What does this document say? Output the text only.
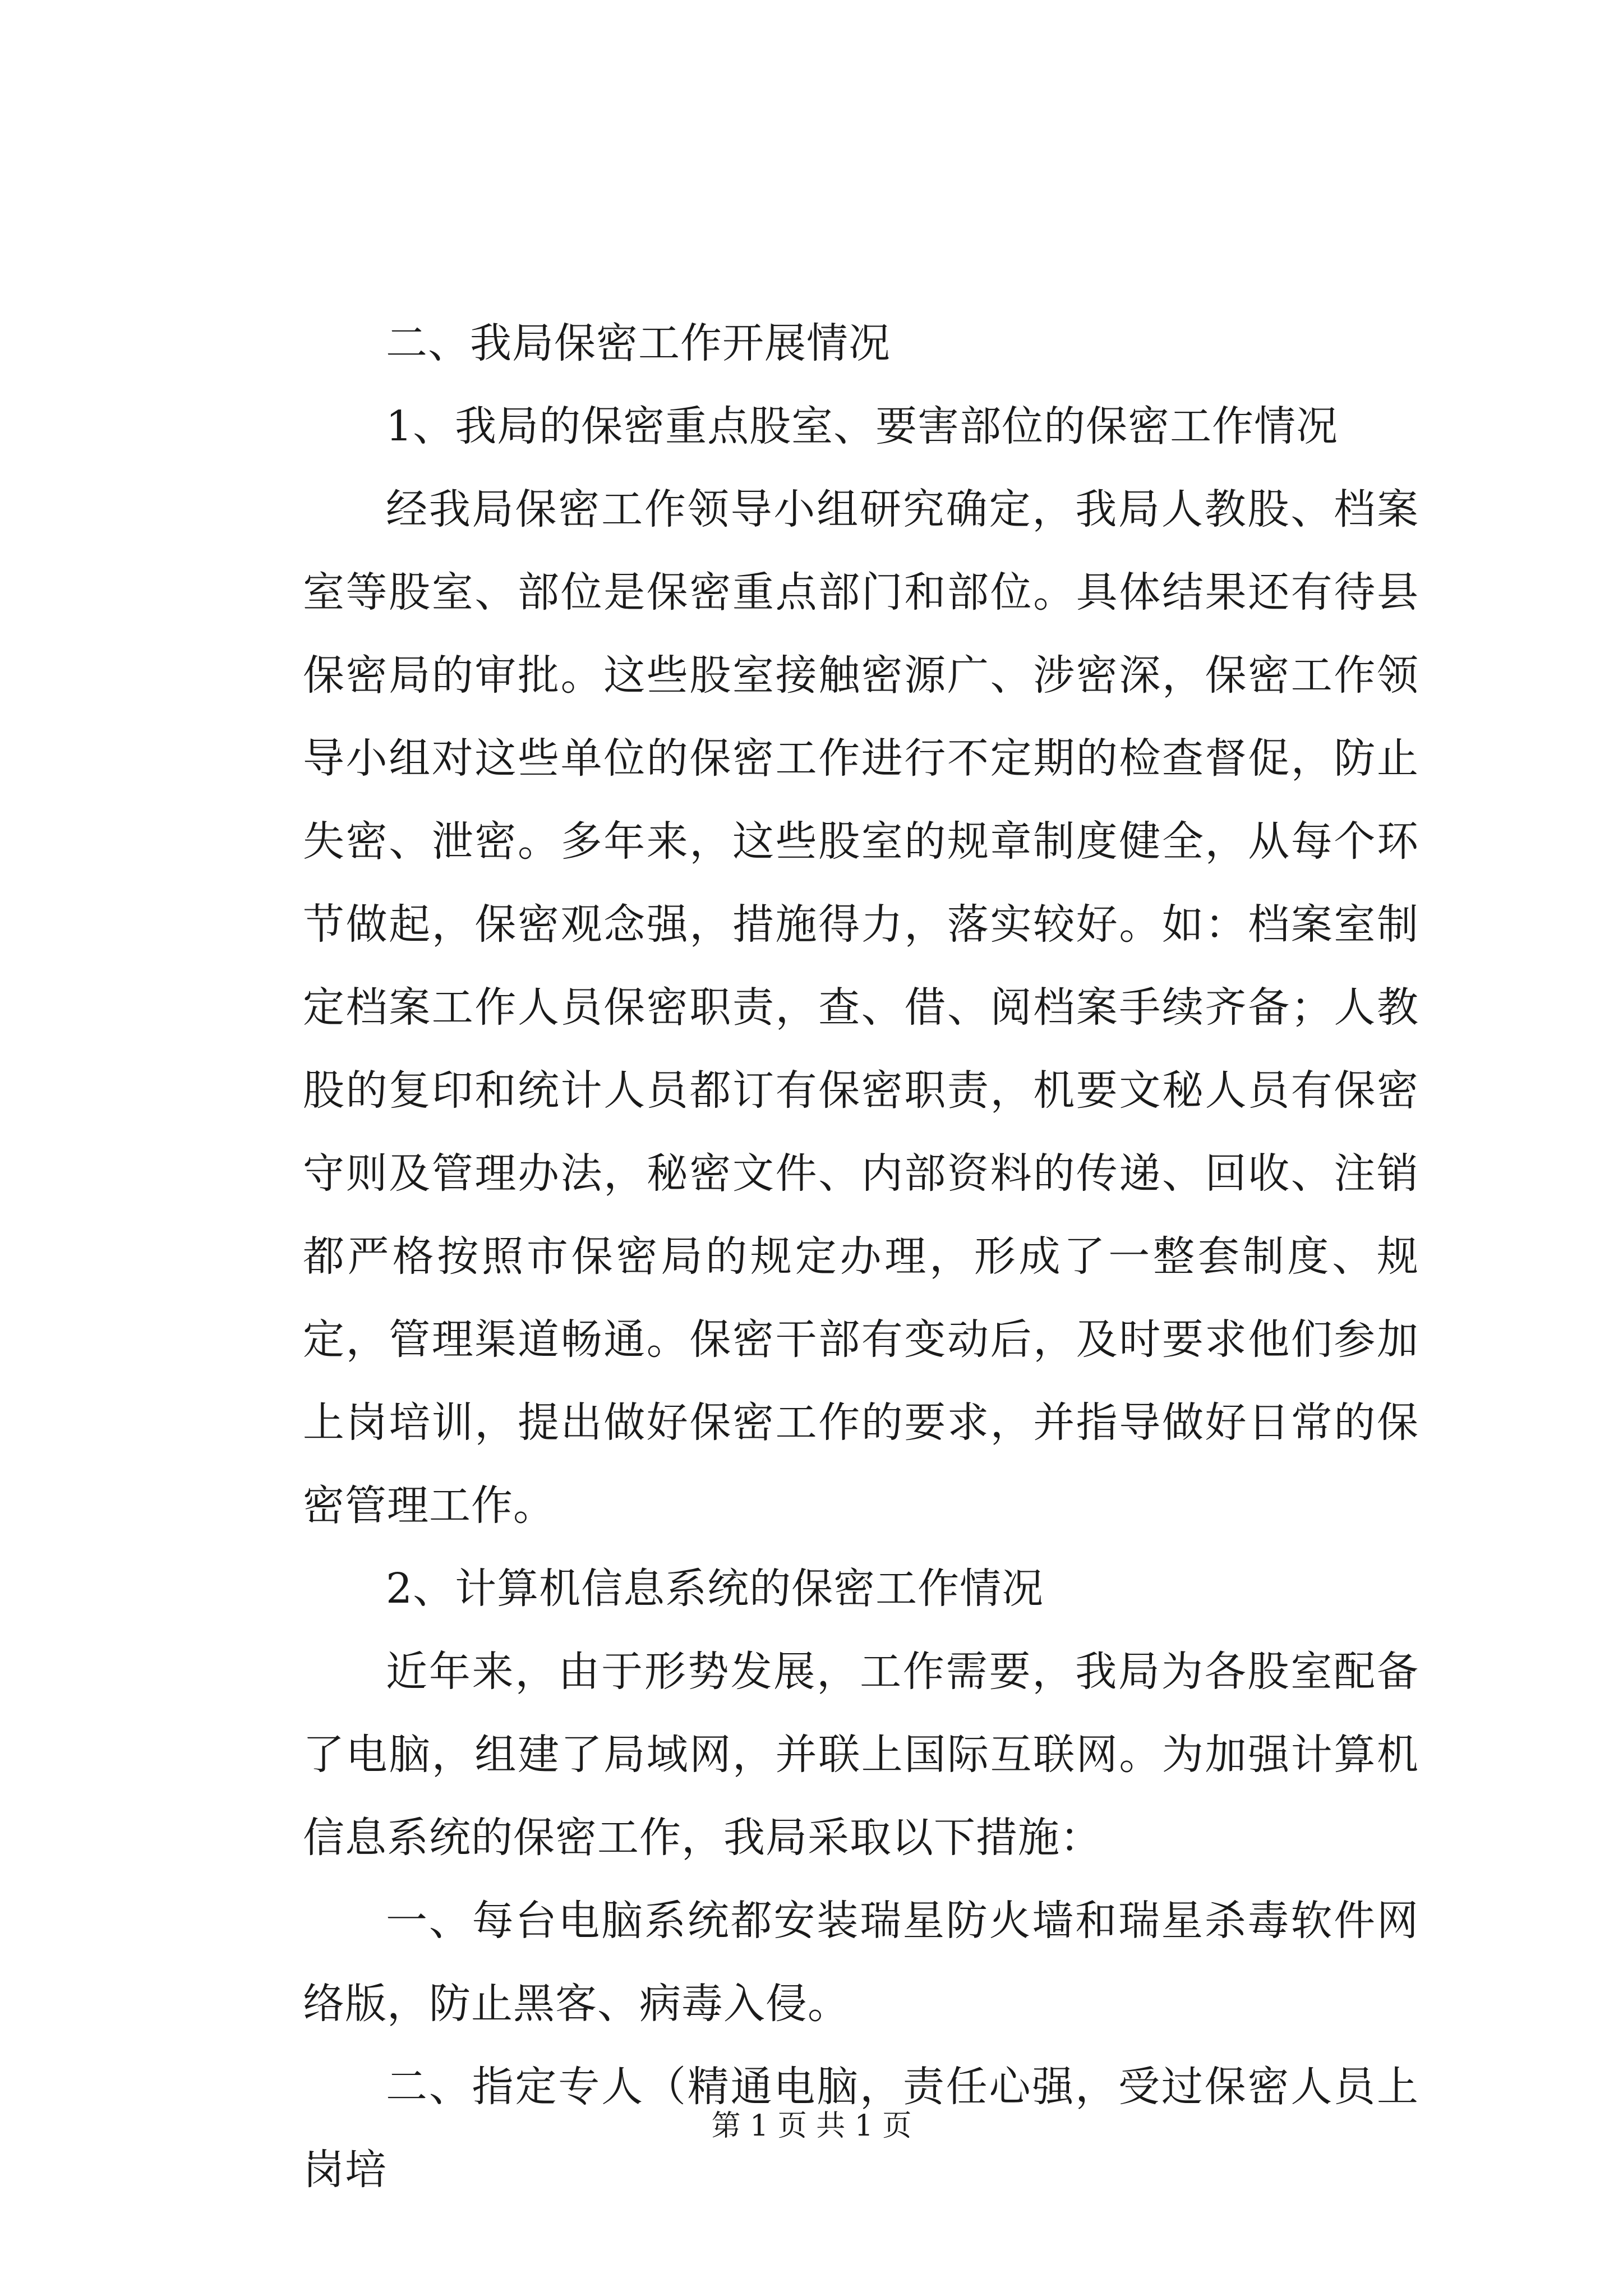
二、我局保密工作开展情况

1、我局的保密重点股室、要害部位的保密工作情况

经我局保密工作领导小组研究确定，我局人教股、档案室等股室、部位是保密重点部门和部位。具体结果还有待县保密局的审批。这些股室接触密源广、涉密深，保密工作领导小组对这些单位的保密工作进行不定期的检查督促，防止失密、泄密。多年来，这些股室的规章制度健全，从每个环节做起，保密观念强，措施得力，落实较好。如：档案室制定档案工作人员保密职责，查、借、阅档案手续齐备；人教股的复印和统计人员都订有保密职责，机要文秘人员有保密守则及管理办法，秘密文件、内部资料的传递、回收、注销都严格按照市保密局的规定办理，形成了一整套制度、规定，管理渠道畅通。保密干部有变动后，及时要求他们参加上岗培训，提出做好保密工作的要求，并指导做好日常的保密管理工作。

2、计算机信息系统的保密工作情况

近年来，由于形势发展，工作需要，我局为各股室配备了电脑，组建了局域网，并联上国际互联网。为加强计算机信息系统的保密工作，我局采取以下措施：

一、每台电脑系统都安装瑞星防火墙和瑞星杀毒软件网络版，防止黑客、病毒入侵。

二、指定专人（精通电脑，责任心强，受过保密人员上岗培

第 1 页 共 1 页
